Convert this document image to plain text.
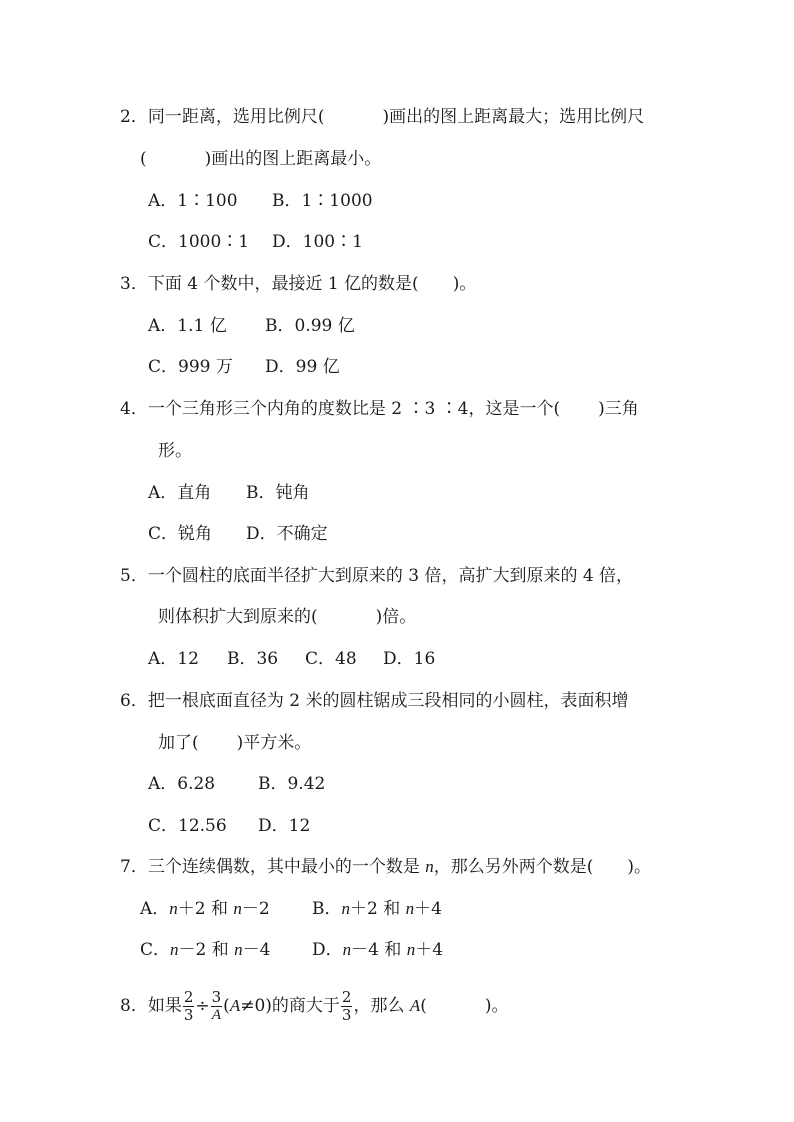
2．同一距离，选用比例尺(	)画出的图上距离最大；选用比例尺
(	)画出的图上距离最小。
A．1∶100 B．1∶1000
C．1000∶1 D．100∶1
3．下面 4 个数中，最接近 1 亿的数是(　　)。
A．1.1 亿 B．0.99 亿
C．999 万 D．99 亿
4．一个三角形三个内角的度数比是 2 ∶3 ∶4，这是一个( )三角
形。
A．直角 B．钝角
C．锐角 D．不确定
5．一个圆柱的底面半径扩大到原来的 3 倍，高扩大到原来的 4 倍，
则体积扩大到原来的(	)倍。
A．12 B．36 C．48 D．16
6．把一根底面直径为 2 米的圆柱锯成三段相同的小圆柱，表面积增
加了( )平方米。
A．6.28	B．9.42
C．12.56 D．12
7．三个连续偶数，其中最小的一个数是 n，那么另外两个数是(　　)。
A．n＋2 和 n－2 B．n＋2 和 n＋4
C．n－2 和 n－4 D．n－4 和 n＋4
8．如果 $\frac{2}{3} \div \frac{3}{A} (A\ne 0)$的商大于 $\frac{2}{3}$ ，那么 A(	)。
